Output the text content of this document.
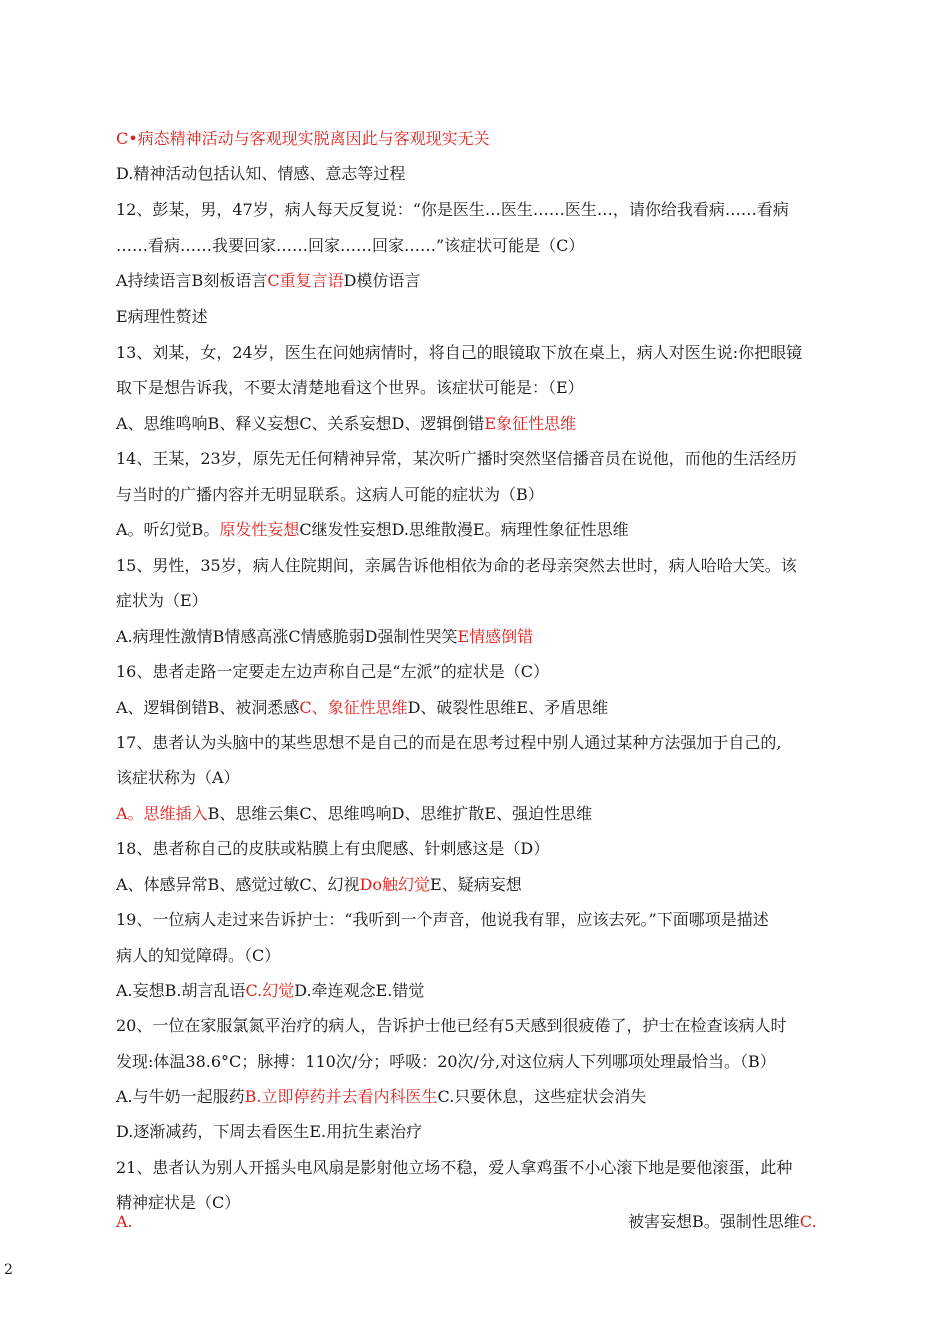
C•病态精神活动与客观现实脱离因此与客观现实无关
D.精神活动包括认知、情感、意志等过程
12、彭某，男，47岁，病人每天反复说：“你是医生…医生……医生…，请你给我看病……看病
……看病……我要回家……回家……回家……”该症状可能是（C）
A持续语言B刻板语言C重复言语D模仿语言
E病理性赘述
13、刘某，女，24岁，医生在问她病情时，将自己的眼镜取下放在桌上，病人对医生说:你把眼镜
取下是想告诉我，不要太清楚地看这个世界。该症状可能是：（E）
A、思维鸣响B、释义妄想C、关系妄想D、逻辑倒错E象征性思维
14、王某，23岁，原先无任何精神异常，某次听广播时突然坚信播音员在说他，而他的生活经历
与当时的广播内容并无明显联系。这病人可能的症状为（B）
A。听幻觉B。原发性妄想C继发性妄想D.思维散漫E。病理性象征性思维
15、男性，35岁，病人住院期间，亲属告诉他相依为命的老母亲突然去世时，病人哈哈大笑。该
症状为（E）
A.病理性激情B情感高涨C情感脆弱D强制性哭笑E情感倒错
16、患者走路一定要走左边声称自己是“左派”的症状是（C）
A、逻辑倒错B、被洞悉感C、象征性思维D、破裂性思维E、矛盾思维
17、患者认为头脑中的某些思想不是自己的而是在思考过程中别人通过某种方法强加于自己的,
该症状称为（A）
A。思维插入B、思维云集C、思维鸣响D、思维扩散E、强迫性思维
18、患者称自己的皮肤或粘膜上有虫爬感、针刺感这是（D）
A、体感异常B、感觉过敏C、幻视Do触幻觉E、疑病妄想
19、一位病人走过来告诉护士：“我听到一个声音，他说我有罪，应该去死。”下面哪项是描述
病人的知觉障碍。（C）
A.妄想B.胡言乱语C.幻觉D.牵连观念E.错觉
20、一位在家服氯氮平治疗的病人，告诉护士他已经有5天感到很疲倦了，护士在检查该病人时
发现:体温38.6°C；脉搏：110次/分；呼吸：20次/分,对这位病人下列哪项处理最恰当。（B）
A.与牛奶一起服药B.立即停药并去看内科医生C.只要休息，这些症状会消失
D.逐渐减药，下周去看医生E.用抗生素治疗
21、患者认为别人开摇头电风扇是影射他立场不稳，爱人拿鸡蛋不小心滚下地是要他滚蛋，此种
精神症状是（C）
A.	被害妄想B。强制性思维C.
2
